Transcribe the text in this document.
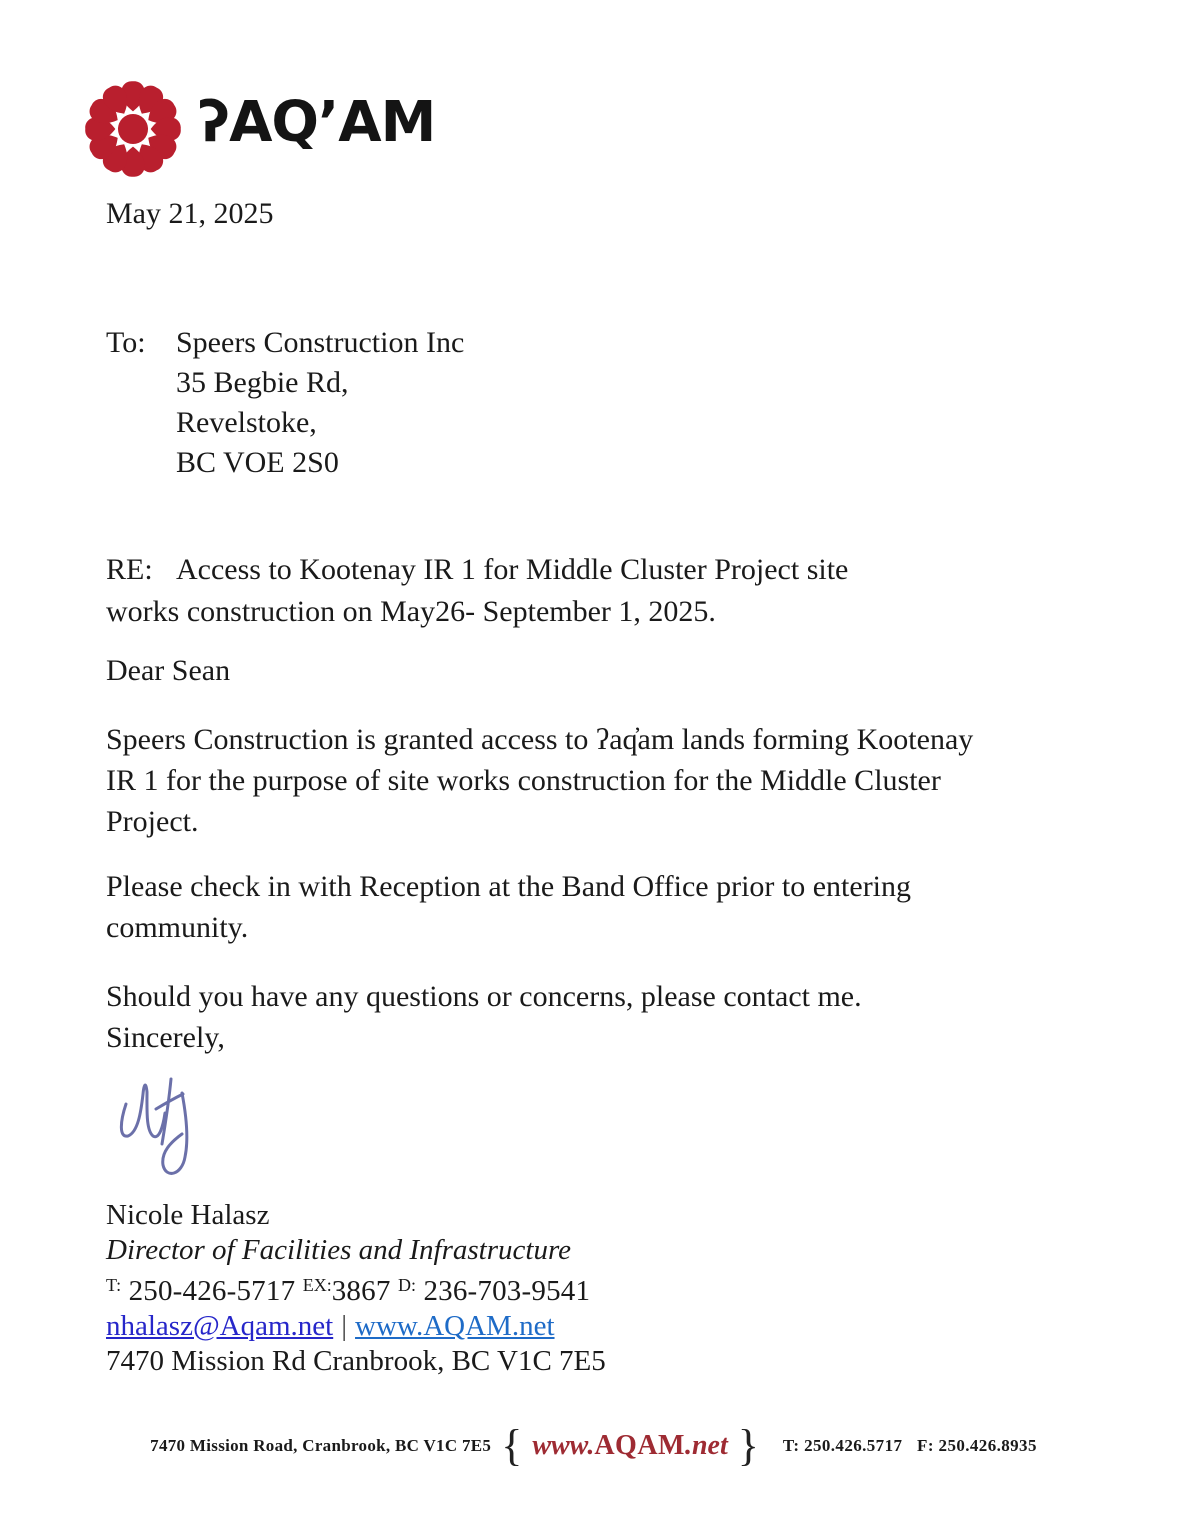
ʔAQʼAM
May 21, 2025
To:	Speers Construction Inc
35 Begbie Rd,
Revelstoke,
BC VOE 2S0
RE: Access to Kootenay IR 1 for Middle Cluster Project site
works construction on May26- September 1, 2025.
Dear Sean
Speers Construction is granted access to ʔaq̓am lands forming Kootenay
IR 1 for the purpose of site works construction for the Middle Cluster
Project.
Please check in with Reception at the Band Office prior to entering
community.
Should you have any questions or concerns, please contact me.
Sincerely,
Nicole Halasz
Director of Facilities and Infrastructure
$^{T:}$ 250-426-5717 $^{EX:}$3867 $^{D:}$ 236-703-9541
nhalasz@Aqam.net | www.AQAM.net
7470 Mission Rd Cranbrook, BC V1C 7E5
7470 Mission Road, Cranbrook, BC V1C 7E5 { www.AQAM.net } T: 250.426.5717 F: 250.426.8935
